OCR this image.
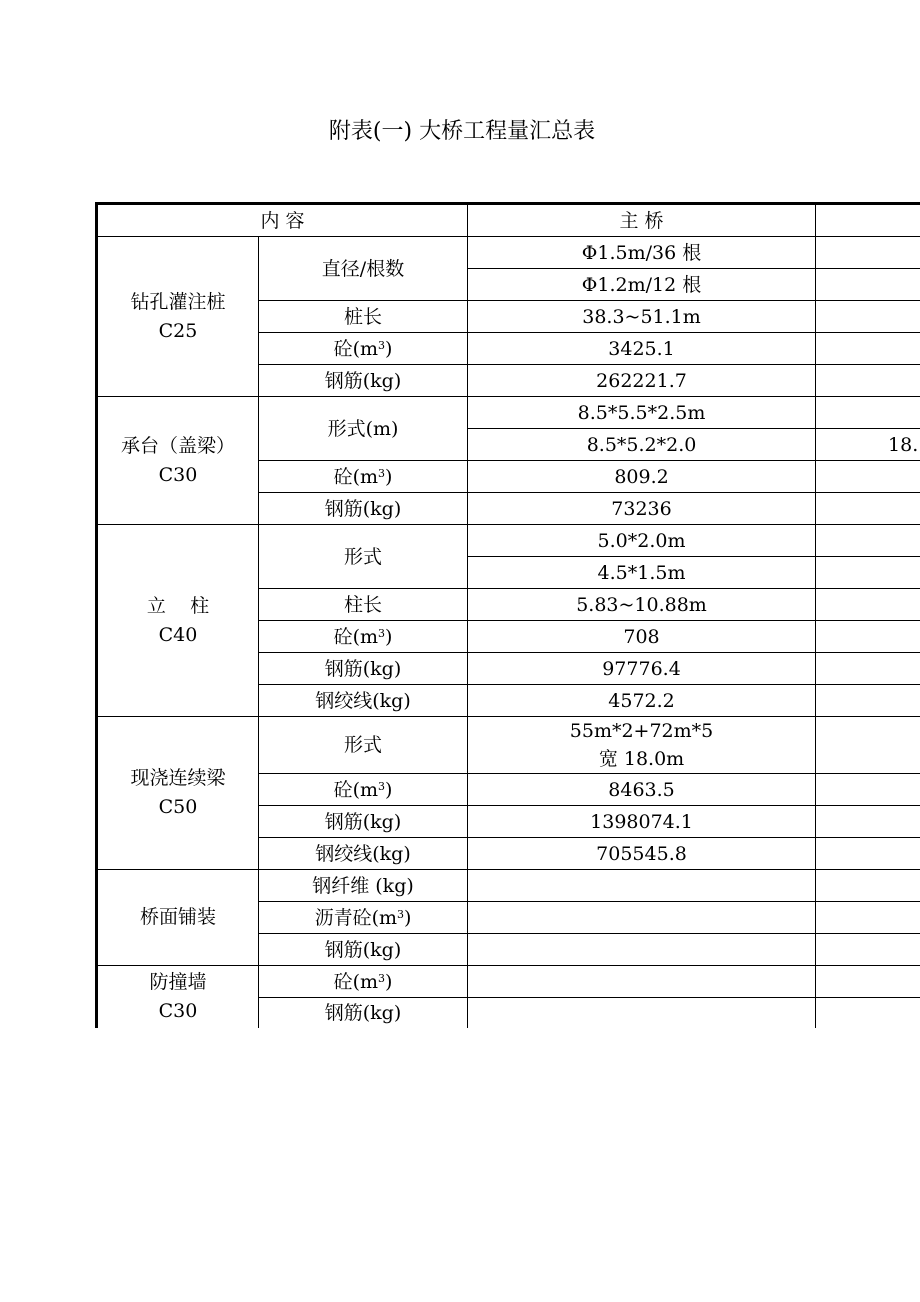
附表(一) 大桥工程量汇总表
内 容		主 桥	
钻孔灌注桩
C25	直径/根数	Φ1.5m/36 根	
		Φ1.2m/12 根	
	桩长	38.3~51.1m	
	砼$(m^3)$	3425.1	
	钢筋(kg)	262221.7	
承台（盖梁）
C30	形式(m)	8.5*5.5*2.5m	
		8.5*5.2*2.0	18.
	砼$(m^3)$	809.2	
	钢筋(kg)	73236	
立    柱
C40	形式	5.0*2.0m	
		4.5*1.5m	
	柱长	5.83~10.88m	
	砼$(m^3)$	708	
	钢筋(kg)	97776.4	
	钢绞线(kg)	4572.2	
现浇连续梁
C50	形式	55m*2+72m*5
宽 18.0m	
	砼$(m^3)$	8463.5	
	钢筋(kg)	1398074.1	
	钢绞线(kg)	705545.8	
桥面铺装	钢纤维 (kg)		
	沥青砼$(m^3)$		
	钢筋(kg)		
防撞墙
C30	砼$(m^3)$		
	钢筋(kg)		
